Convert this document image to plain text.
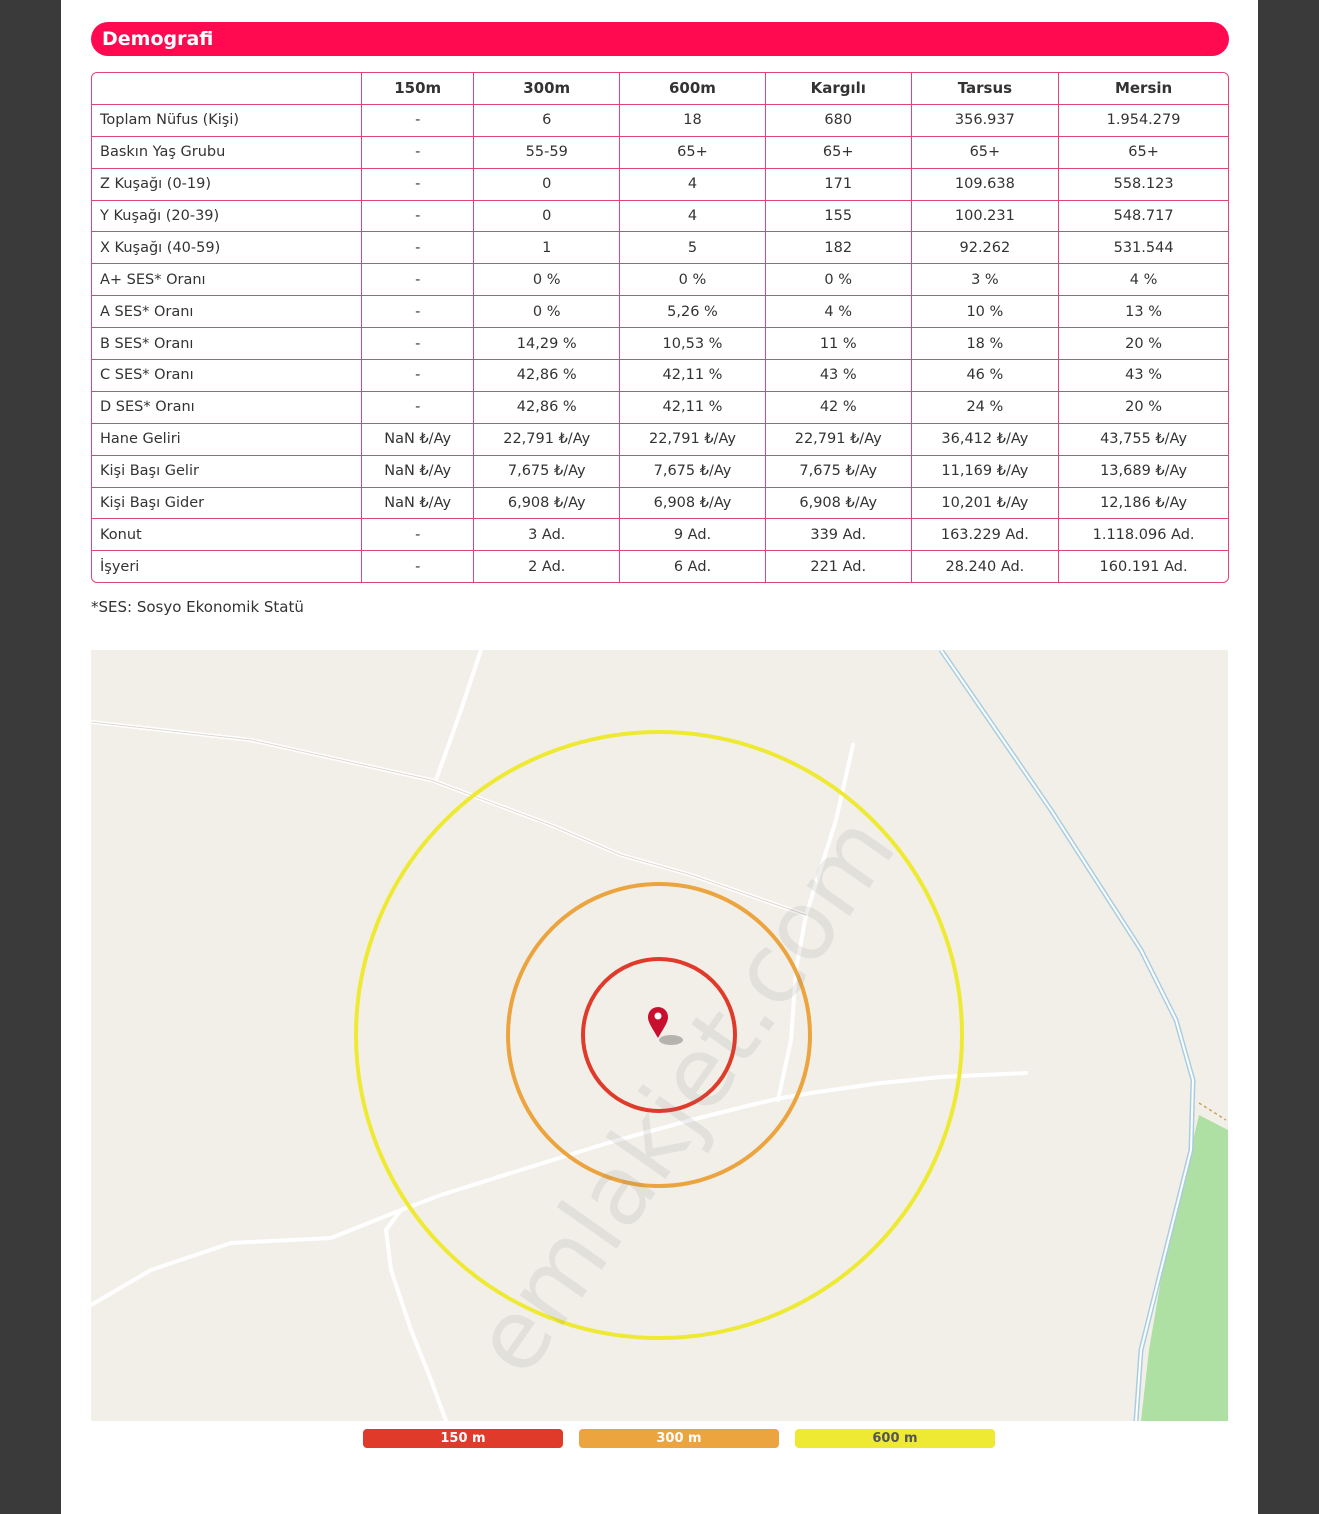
Demografi
	150m	300m	600m	Kargılı	Tarsus	Mersin
Toplam Nüfus (Kişi)	-	6	18	680	356.937	1.954.279
Baskın Yaş Grubu	-	55-59	65+	65+	65+	65+
Z Kuşağı (0-19)	-	0	4	171	109.638	558.123
Y Kuşağı (20-39)	-	0	4	155	100.231	548.717
X Kuşağı (40-59)	-	1	5	182	92.262	531.544
A+ SES* Oranı	-	0 %	0 %	0 %	3 %	4 %
A SES* Oranı	-	0 %	5,26 %	4 %	10 %	13 %
B SES* Oranı	-	14,29 %	10,53 %	11 %	18 %	20 %
C SES* Oranı	-	42,86 %	42,11 %	43 %	46 %	43 %
D SES* Oranı	-	42,86 %	42,11 %	42 %	24 %	20 %
Hane Geliri	NaN ₺/Ay	22,791 ₺/Ay	22,791 ₺/Ay	22,791 ₺/Ay	36,412 ₺/Ay	43,755 ₺/Ay
Kişi Başı Gelir	NaN ₺/Ay	7,675 ₺/Ay	7,675 ₺/Ay	7,675 ₺/Ay	11,169 ₺/Ay	13,689 ₺/Ay
Kişi Başı Gider	NaN ₺/Ay	6,908 ₺/Ay	6,908 ₺/Ay	6,908 ₺/Ay	10,201 ₺/Ay	12,186 ₺/Ay
Konut	-	3 Ad.	9 Ad.	339 Ad.	163.229 Ad.	1.118.096 Ad.
İşyeri	-	2 Ad.	6 Ad.	221 Ad.	28.240 Ad.	160.191 Ad.
*SES: Sosyo Ekonomik Statü
emlakjet.com
150 m	300 m	600 m
